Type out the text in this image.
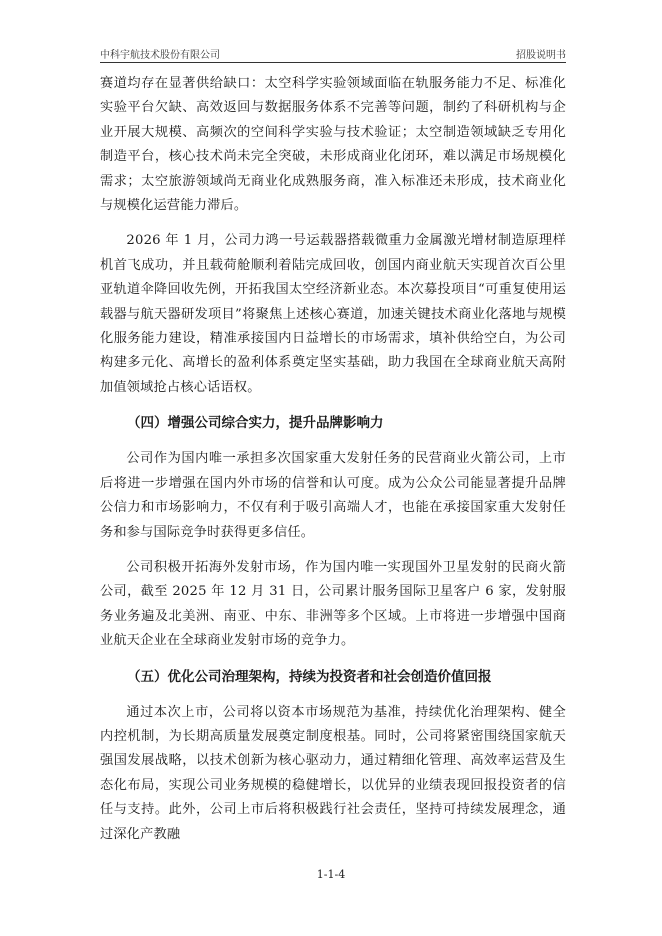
中科宇航技术股份有限公司	招股说明书

赛道均存在显著供给缺口：太空科学实验领域面临在轨服务能力不足、标准化实验平台欠缺、高效返回与数据服务体系不完善等问题，制约了科研机构与企业开展大规模、高频次的空间科学实验与技术验证；太空制造领域缺乏专用化制造平台，核心技术尚未完全突破，未形成商业化闭环，难以满足市场规模化需求；太空旅游领域尚无商业化成熟服务商，准入标准还未形成，技术商业化与规模化运营能力滞后。

2026 年 1 月，公司力鸿一号运载器搭载微重力金属激光增材制造原理样机首飞成功，并且载荷舱顺利着陆完成回收，创国内商业航天实现首次百公里亚轨道伞降回收先例，开拓我国太空经济新业态。本次募投项目“可重复使用运载器与航天器研发项目”将聚焦上述核心赛道，加速关键技术商业化落地与规模化服务能力建设，精准承接国内日益增长的市场需求，填补供给空白，为公司构建多元化、高增长的盈利体系奠定坚实基础，助力我国在全球商业航天高附加值领域抢占核心话语权。

（四）增强公司综合实力，提升品牌影响力

公司作为国内唯一承担多次国家重大发射任务的民营商业火箭公司，上市后将进一步增强在国内外市场的信誉和认可度。成为公众公司能显著提升品牌公信力和市场影响力，不仅有利于吸引高端人才，也能在承接国家重大发射任务和参与国际竞争时获得更多信任。

公司积极开拓海外发射市场，作为国内唯一实现国外卫星发射的民商火箭公司，截至 2025 年 12 月 31 日，公司累计服务国际卫星客户 6 家，发射服务业务遍及北美洲、南亚、中东、非洲等多个区域。上市将进一步增强中国商业航天企业在全球商业发射市场的竞争力。

（五）优化公司治理架构，持续为投资者和社会创造价值回报

通过本次上市，公司将以资本市场规范为基准，持续优化治理架构、健全内控机制，为长期高质量发展奠定制度根基。同时，公司将紧密围绕国家航天强国发展战略，以技术创新为核心驱动力，通过精细化管理、高效率运营及生态化布局，实现公司业务规模的稳健增长，以优异的业绩表现回报投资者的信任与支持。此外，公司上市后将积极践行社会责任，坚持可持续发展理念，通过深化产教融

1-1-4
